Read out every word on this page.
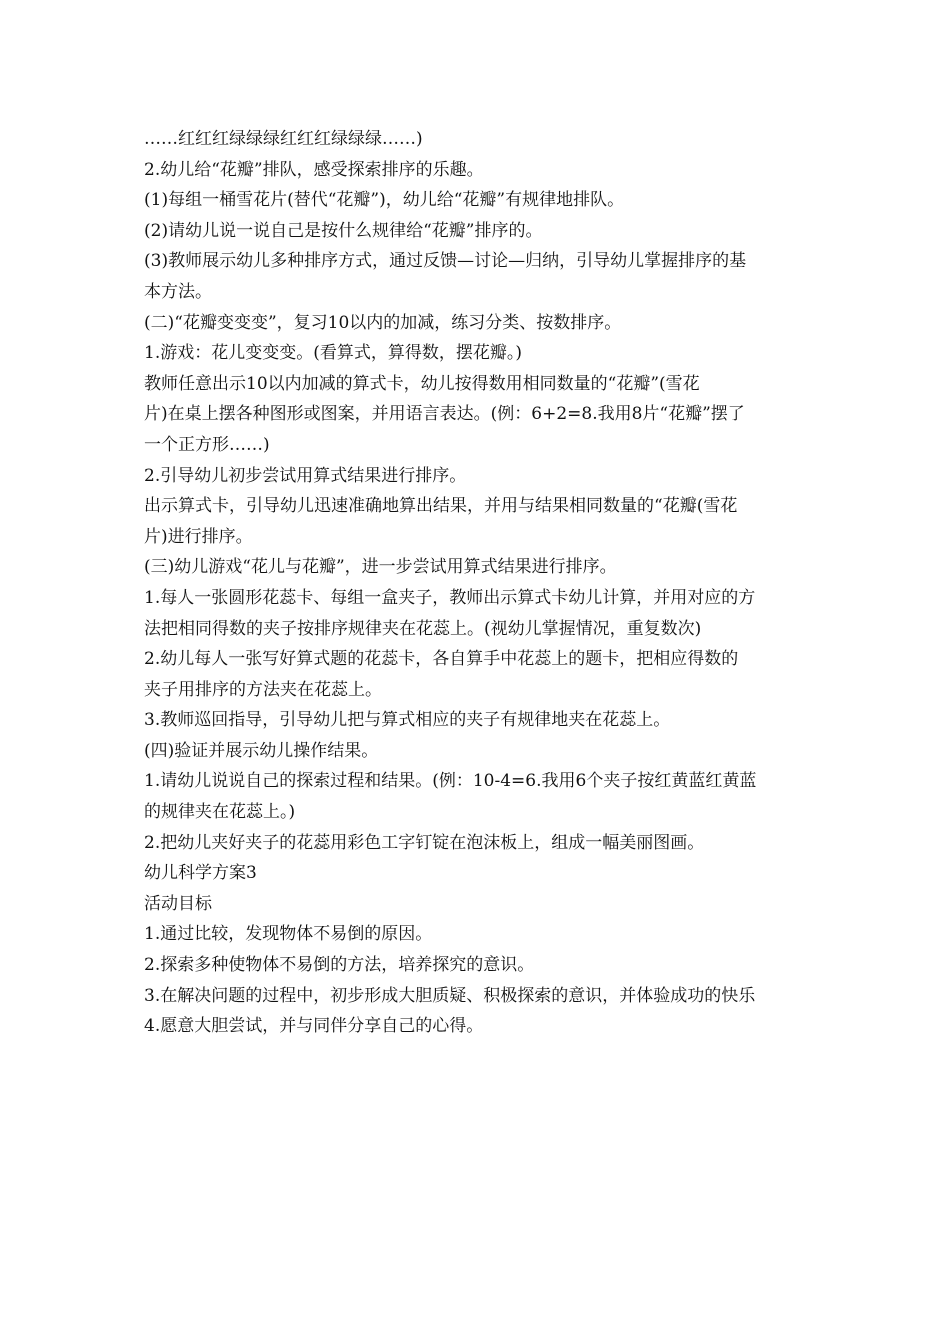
……红红红绿绿绿红红红绿绿绿……)
2.幼儿给“花瓣”排队，感受探索排序的乐趣。
(1)每组一桶雪花片(替代“花瓣”)，幼儿给“花瓣”有规律地排队。
(2)请幼儿说一说自己是按什么规律给“花瓣”排序的。
(3)教师展示幼儿多种排序方式，通过反馈—讨论—归纳，引导幼儿掌握排序的基
本方法。
(二)“花瓣变变变”，复习10以内的加减，练习分类、按数排序。
1.游戏：花儿变变变。(看算式，算得数，摆花瓣。)
教师任意出示10以内加减的算式卡，幼儿按得数用相同数量的“花瓣”(雪花
片)在桌上摆各种图形或图案，并用语言表达。(例：6+2=8.我用8片“花瓣”摆了
一个正方形……)
2.引导幼儿初步尝试用算式结果进行排序。
出示算式卡，引导幼儿迅速准确地算出结果，并用与结果相同数量的“花瓣(雪花
片)进行排序。
(三)幼儿游戏“花儿与花瓣”，进一步尝试用算式结果进行排序。
1.每人一张圆形花蕊卡、每组一盒夹子，教师出示算式卡幼儿计算，并用对应的方
法把相同得数的夹子按排序规律夹在花蕊上。(视幼儿掌握情况，重复数次)
2.幼儿每人一张写好算式题的花蕊卡，各自算手中花蕊上的题卡，把相应得数的
夹子用排序的方法夹在花蕊上。
3.教师巡回指导，引导幼儿把与算式相应的夹子有规律地夹在花蕊上。
(四)验证并展示幼儿操作结果。
1.请幼儿说说自己的探索过程和结果。(例：10-4=6.我用6个夹子按红黄蓝红黄蓝
的规律夹在花蕊上。)
2.把幼儿夹好夹子的花蕊用彩色工字钉锭在泡沫板上，组成一幅美丽图画。
幼儿科学方案3
活动目标
1.通过比较，发现物体不易倒的原因。
2.探索多种使物体不易倒的方法，培养探究的意识。
3.在解决问题的过程中，初步形成大胆质疑、积极探索的意识，并体验成功的快乐
4.愿意大胆尝试，并与同伴分享自己的心得。
